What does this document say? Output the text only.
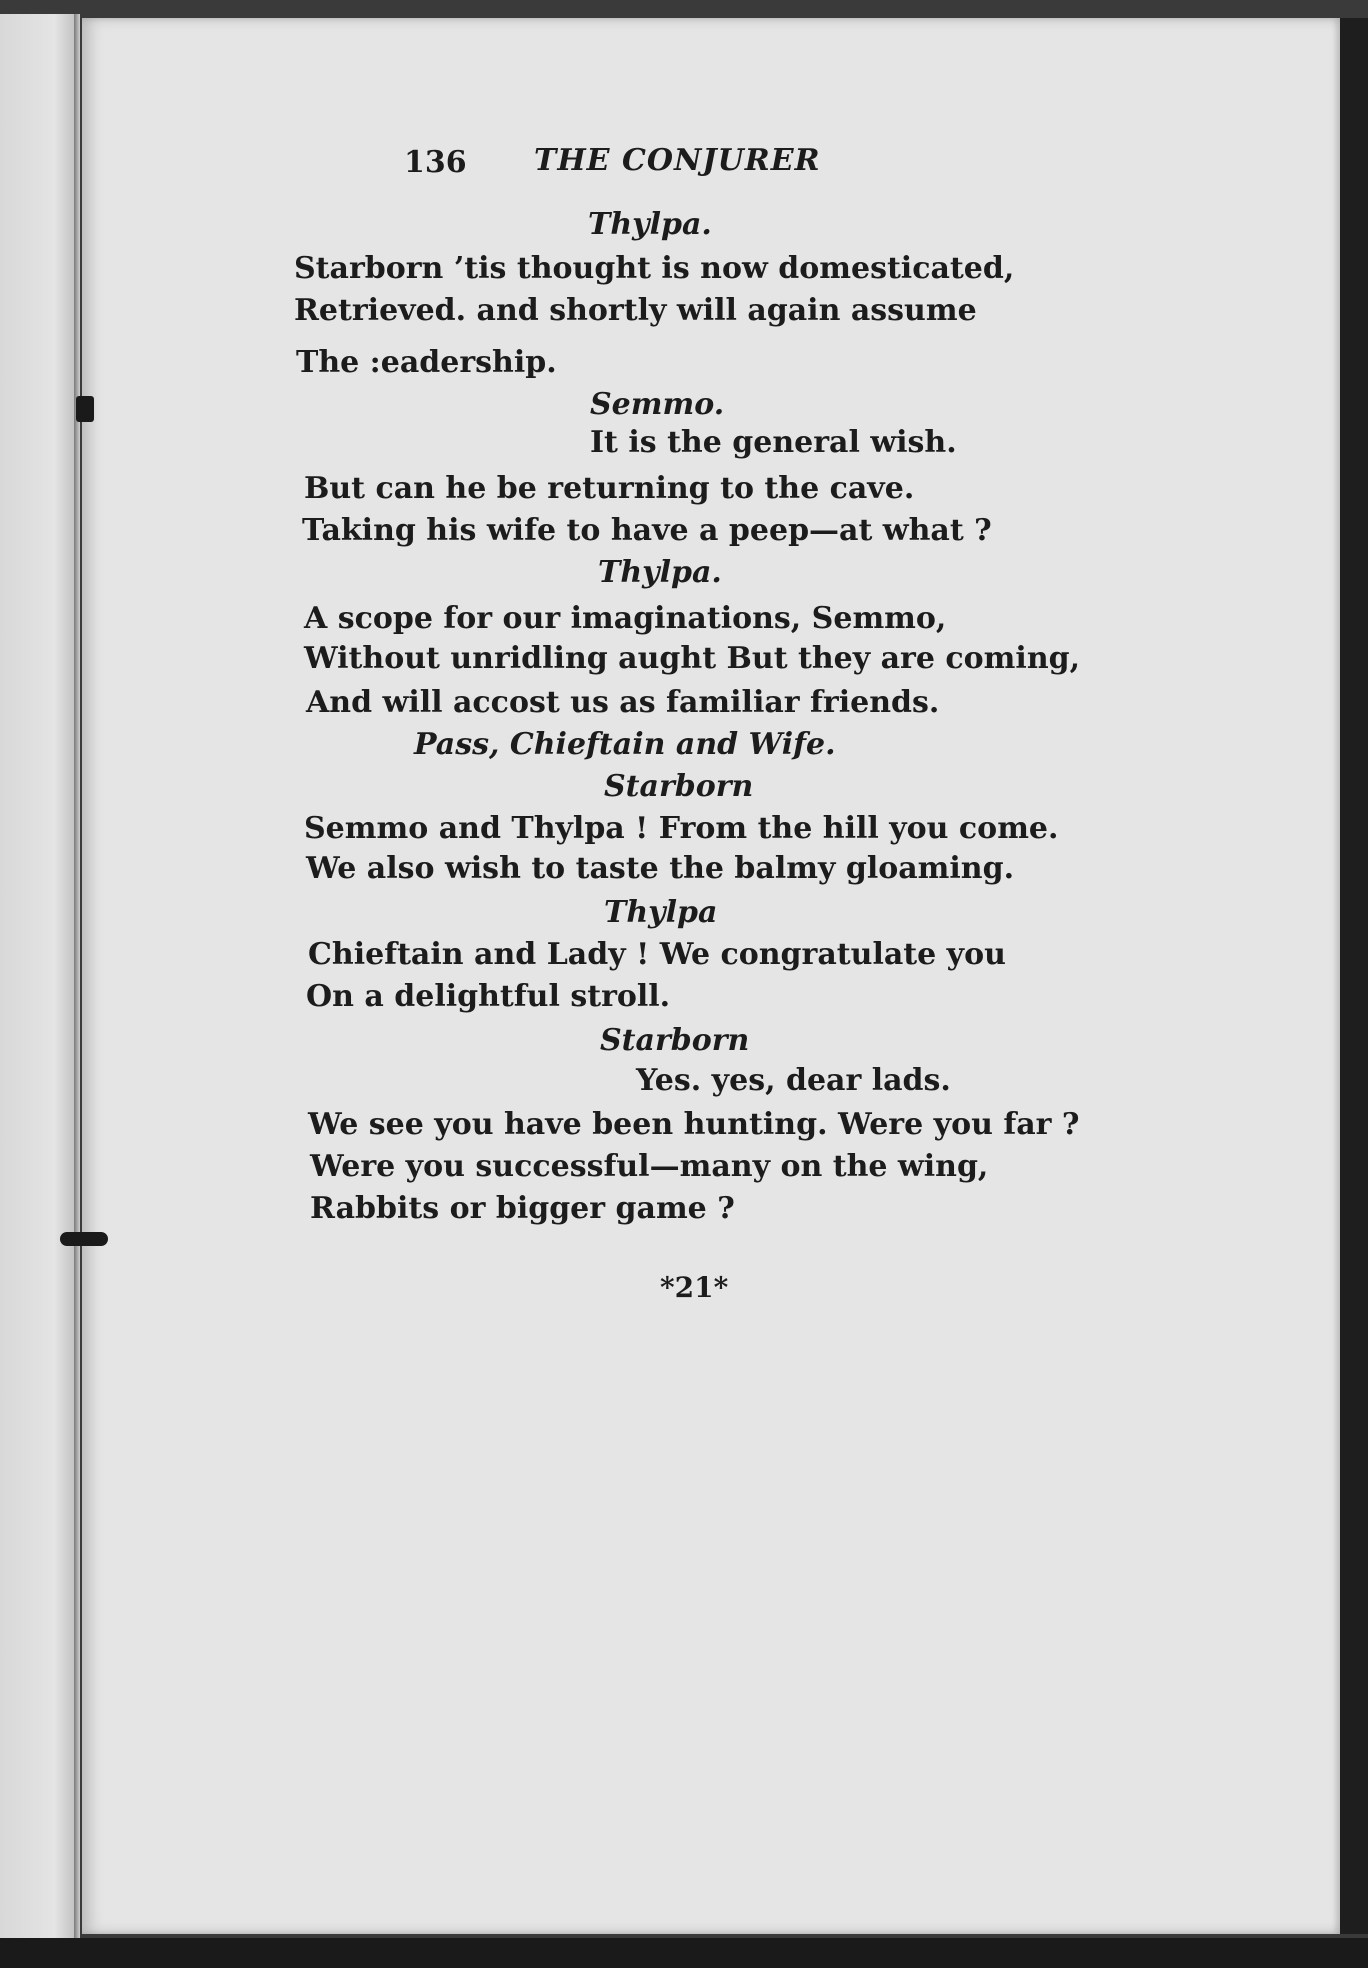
136 THE CONJURER
Thylpa.
Starborn ’tis thought is now domesticated,
Retrieved. and shortly will again assume
The :eadership.
Semmo.
It is the general wish.
But can he be returning to the cave.
Taking his wife to have a peep—at what ?
Thylpa.
A scope for our imaginations, Semmo,
Without unridling aught But they are coming,
And will accost us as familiar friends.
Pass, Chieftain and Wife.
Starborn
Semmo and Thylpa ! From the hill you come.
We also wish to taste the balmy gloaming.
Thylpa
Chieftain and Lady ! We congratulate you
On a delightful stroll.
Starborn
Yes. yes, dear lads.
We see you have been hunting. Were you far ?
Were you successful—many on the wing,
Rabbits or bigger game ?
*21*
